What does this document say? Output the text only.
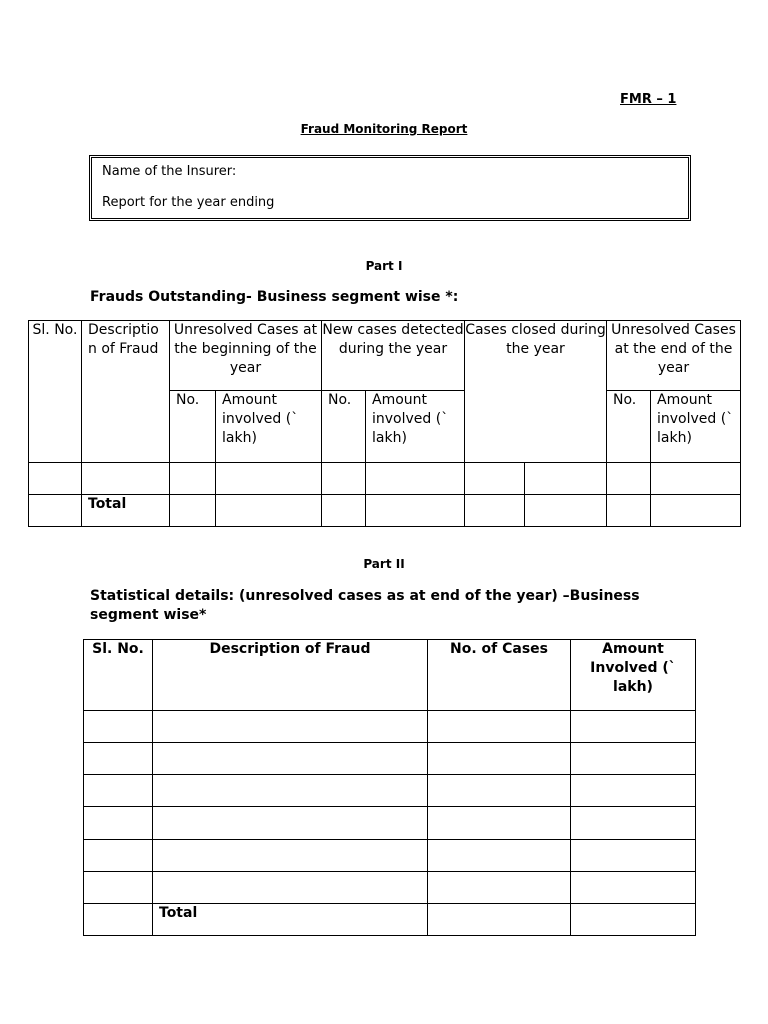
FMR – 1
Fraud Monitoring Report
Name of the Insurer:
Report for the year ending
Part I
Frauds Outstanding- Business segment wise *:
Sl. No.	Descriptio n of Fraud	Unresolved Cases at the beginning of the year		New cases detected during the year		Cases closed during the year		Unresolved Cases at the end of the year	
		No.	Amount involved (` lakh)	No.	Amount involved (` lakh)			No.	Amount involved (` lakh)

	Total								
Part II
Statistical details: (unresolved cases as at end of the year) –Business segment wise*
Sl. No.	Description of Fraud	No. of Cases	Amount Involved (` lakh)

	Total		
